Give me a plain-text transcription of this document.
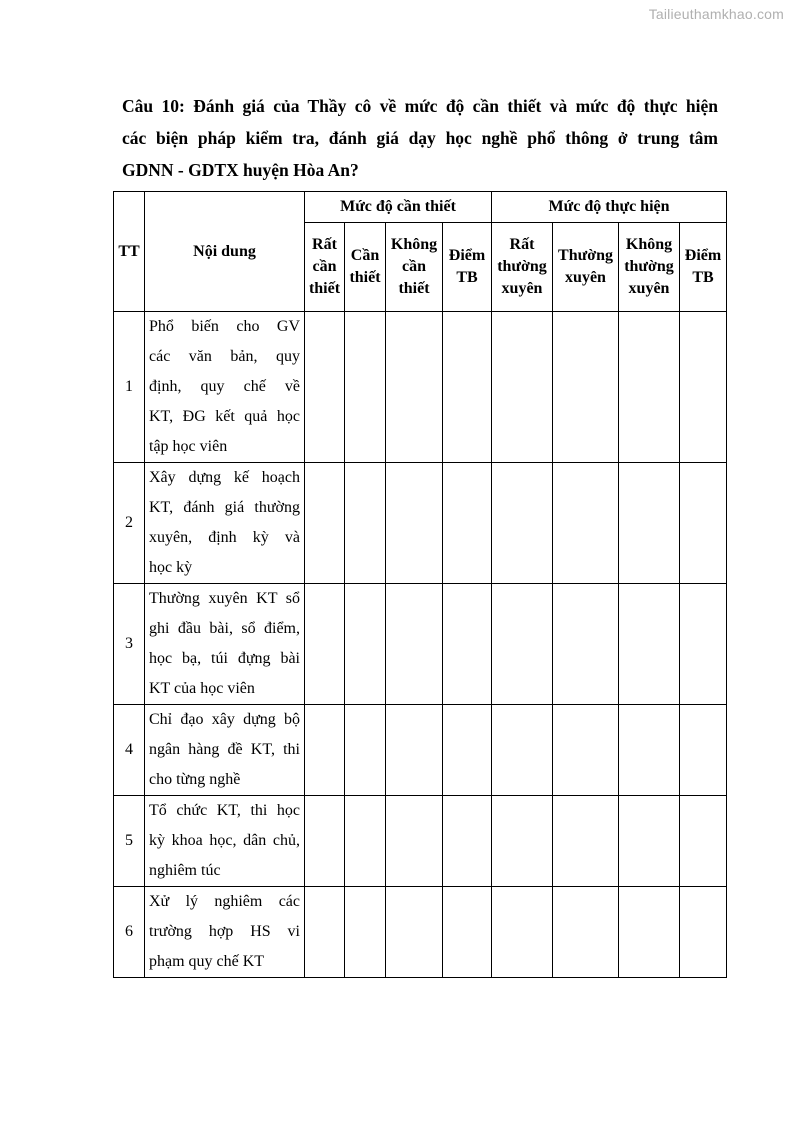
Tailieuthamkhao.com
Câu 10: Đánh giá của Thầy cô về mức độ cần thiết và mức độ thực hiện
các biện pháp kiểm tra, đánh giá dạy học nghề phổ thông ở trung tâm
GDNN - GDTX huyện Hòa An?
TT	Nội dung	Mức độ cần thiết				Mức độ thực hiện			
		Rất cần thiết	Cần thiết	Không cần thiết	Điểm TB	Rất thường xuyên	Thường xuyên	Không thường xuyên	Điểm TB
1	Phổ biến cho GV
các văn bản, quy
định, quy chế về
KT, ĐG kết quả học
tập học viên								

2	Xây dựng kế hoạch
KT, đánh giá thường
xuyên, định kỳ và
học kỳ								

3	Thường xuyên KT sổ
ghi đầu bài, sổ điểm,
học bạ, túi đựng bài
KT của học viên								

4	Chỉ đạo xây dựng bộ
ngân hàng đề KT, thi
cho từng nghề								

5	Tổ chức KT, thi học
kỳ khoa học, dân chủ,
nghiêm túc								

6	Xử lý nghiêm các
trường hợp HS vi
phạm quy chế KT								
